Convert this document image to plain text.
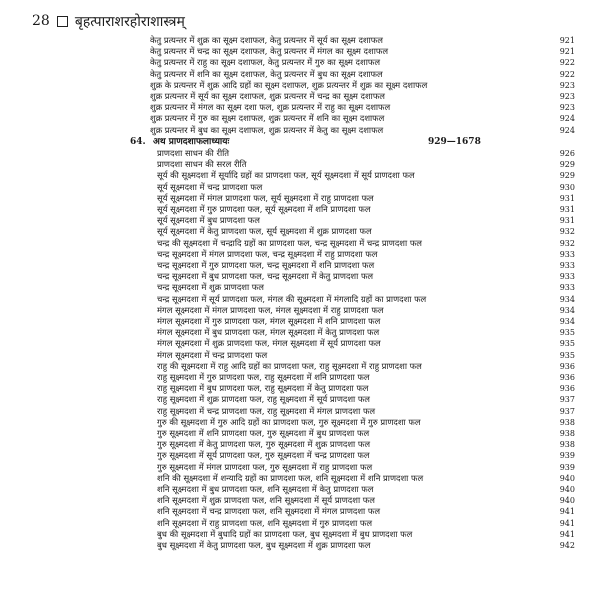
28 बृहत्पाराशरहोराशास्त्रम्
केतु प्रत्यन्तर में शुक्र का सूक्ष्म दशाफल, केतु प्रत्यन्तर में सूर्य का सूक्ष्म दशाफल	921
केतु प्रत्यन्तर में चन्द्र का सूक्ष्म दशाफल, केतु प्रत्यन्तर में मंगल का सूक्ष्म दशाफल	921
केतु प्रत्यन्तर में राहु का सूक्ष्म दशाफल, केतु प्रत्यन्तर में गुरु का सूक्ष्म दशाफल	922
केतु प्रत्यन्तर में शनि का सूक्ष्म दशाफल, केतु प्रत्यन्तर में बुध का सूक्ष्म दशाफल	922
शुक्र के प्रत्यन्तर में शुक्र आदि ग्रहों का सूक्ष्म दशाफल, शुक्र प्रत्यन्तर में शुक्र का सूक्ष्म दशाफल	923
शुक्र प्रत्यन्तर में सूर्य का सूक्ष्म दशाफल, शुक्र प्रत्यन्तर में चन्द्र का सूक्ष्म दशाफल	923
शुक्र प्रत्यन्तर में मंगल का सूक्ष्म दशा फल, शुक्र प्रत्यन्तर में राहु का सूक्ष्म दशाफल	923
शुक्र प्रत्यन्तर में गुरु का सूक्ष्म दशाफल, शुक्र प्रत्यन्तर में शनि का सूक्ष्म दशाफल	924
शुक्र प्रत्यन्तर में बुध का सूक्ष्म दशाफल, शुक्र प्रत्यन्तर में केतु का सूक्ष्म दशाफल	924
64. अथ प्राणदशाफलाध्यायः	929—1678
प्राणदशा साधन की रीति	926
प्राणदशा साधन की सरल रीति	929
सूर्य की सूक्ष्मदशा में सूर्यादि ग्रहों का प्राणदशा फल, सूर्य सूक्ष्मदशा में सूर्य प्राणदशा फल	929
सूर्य सूक्ष्मदशा में चन्द्र प्राणदशा फल	930
सूर्य सूक्ष्मदशा में मंगल प्राणदशा फल, सूर्य सूक्ष्मदशा में राहु प्राणदशा फल	931
सूर्य सूक्ष्मदशा में गुरु प्राणदशा फल, सूर्य सूक्ष्मदशा में शनि प्राणदशा फल	931
सूर्य सूक्ष्मदशा में बुध प्राणदशा फल	931
सूर्य सूक्ष्मदशा में केतु प्राणदशा फल, सूर्य सूक्ष्मदशा में शुक्र प्राणदशा फल	932
चन्द्र की सूक्ष्मदशा में चन्द्रादि ग्रहों का प्राणदशा फल, चन्द्र सूक्ष्मदशा में चन्द्र प्राणदशा फल	932
चन्द्र सूक्ष्मदशा में मंगल प्राणदशा फल, चन्द्र सूक्ष्मदशा में राहु प्राणदशा फल	933
चन्द्र सूक्ष्मदशा में गुरु प्राणदशा फल, चन्द्र सूक्ष्मदशा में शनि प्राणदशा फल	933
चन्द्र सूक्ष्मदशा में बुध प्राणदशा फल, चन्द्र सूक्ष्मदशा में केतु प्राणदशा फल	933
चन्द्र सूक्ष्मदशा में शुक्र प्राणदशा फल	933
चन्द्र सूक्ष्मदशा में सूर्य प्राणदशा फल, मंगल की सूक्ष्मदशा में मंगलादि ग्रहों का प्राणदशा फल	934
मंगल सूक्ष्मदशा में मंगल प्राणदशा फल, मंगल सूक्ष्मदशा में राहु प्राणदशा फल	934
मंगल सूक्ष्मदशा में गुरु प्राणदशा फल, मंगल सूक्ष्मदशा में शनि प्राणदशा फल	934
मंगल सूक्ष्मदशा में बुध प्राणदशा फल, मंगल सूक्ष्मदशा में केतु प्राणदशा फल	935
मंगल सूक्ष्मदशा में शुक्र प्राणदशा फल, मंगल सूक्ष्मदशा में सूर्य प्राणदशा फल	935
मंगल सूक्ष्मदशा में चन्द्र प्राणदशा फल	935
राहु की सूक्ष्मदशा में राहु आदि ग्रहों का प्राणदशा फल, राहु सूक्ष्मदशा में राहु प्राणदशा फल	936
राहु सूक्ष्मदशा में गुरु प्राणदशा फल, राहु सूक्ष्मदशा में शनि प्राणदशा फल	936
राहु सूक्ष्मदशा में बुध प्राणदशा फल, राहु सूक्ष्मदशा में केतु प्राणदशा फल	936
राहु सूक्ष्मदशा में शुक्र प्राणदशा फल, राहु सूक्ष्मदशा में सूर्य प्राणदशा फल	937
राहु सूक्ष्मदशा में चन्द्र प्राणदशा फल, राहु सूक्ष्मदशा में मंगल प्राणदशा फल	937
गुरु की सूक्ष्मदशा में गुरु आदि ग्रहों का प्राणदशा फल, गुरु सूक्ष्मदशा में गुरु प्राणदशा फल	938
गुरु सूक्ष्मदशा में शनि प्राणदशा फल, गुरु सूक्ष्मदशा में बुध प्राणदशा फल	938
गुरु सूक्ष्मदशा में केतु प्राणदशा फल, गुरु सूक्ष्मदशा में शुक्र प्राणदशा फल	938
गुरु सूक्ष्मदशा में सूर्य प्राणदशा फल, गुरु सूक्ष्मदशा में चन्द्र प्राणदशा फल	939
गुरु सूक्ष्मदशा में मंगल प्राणदशा फल, गुरु सूक्ष्मदशा में राहु प्राणदशा फल	939
शनि की सूक्ष्मदशा में शन्यादि ग्रहों का प्राणदशा फल, शनि सूक्ष्मदशा में शनि प्राणदशा फल	940
शनि सूक्ष्मदशा में बुध प्राणदशा फल, शनि सूक्ष्मदशा में केतु प्राणदशा फल	940
शनि सूक्ष्मदशा में शुक्र प्राणदशा फल, शनि सूक्ष्मदशा में सूर्य प्राणदशा फल	940
शनि सूक्ष्मदशा में चन्द्र प्राणदशा फल, शनि सूक्ष्मदशा में मंगल प्राणदशा फल	941
शनि सूक्ष्मदशा में राहु प्राणदशा फल, शनि सूक्ष्मदशा में गुरु प्राणदशा फल	941
बुध की सूक्ष्मदशा में बुधादि ग्रहों का प्राणदशा फल, बुध सूक्ष्मदशा में बुध प्राणदशा फल	941
बुध सूक्ष्मदशा में केतु प्राणदशा फल, बुध सूक्ष्मदशा में शुक्र प्राणदशा फल	942
